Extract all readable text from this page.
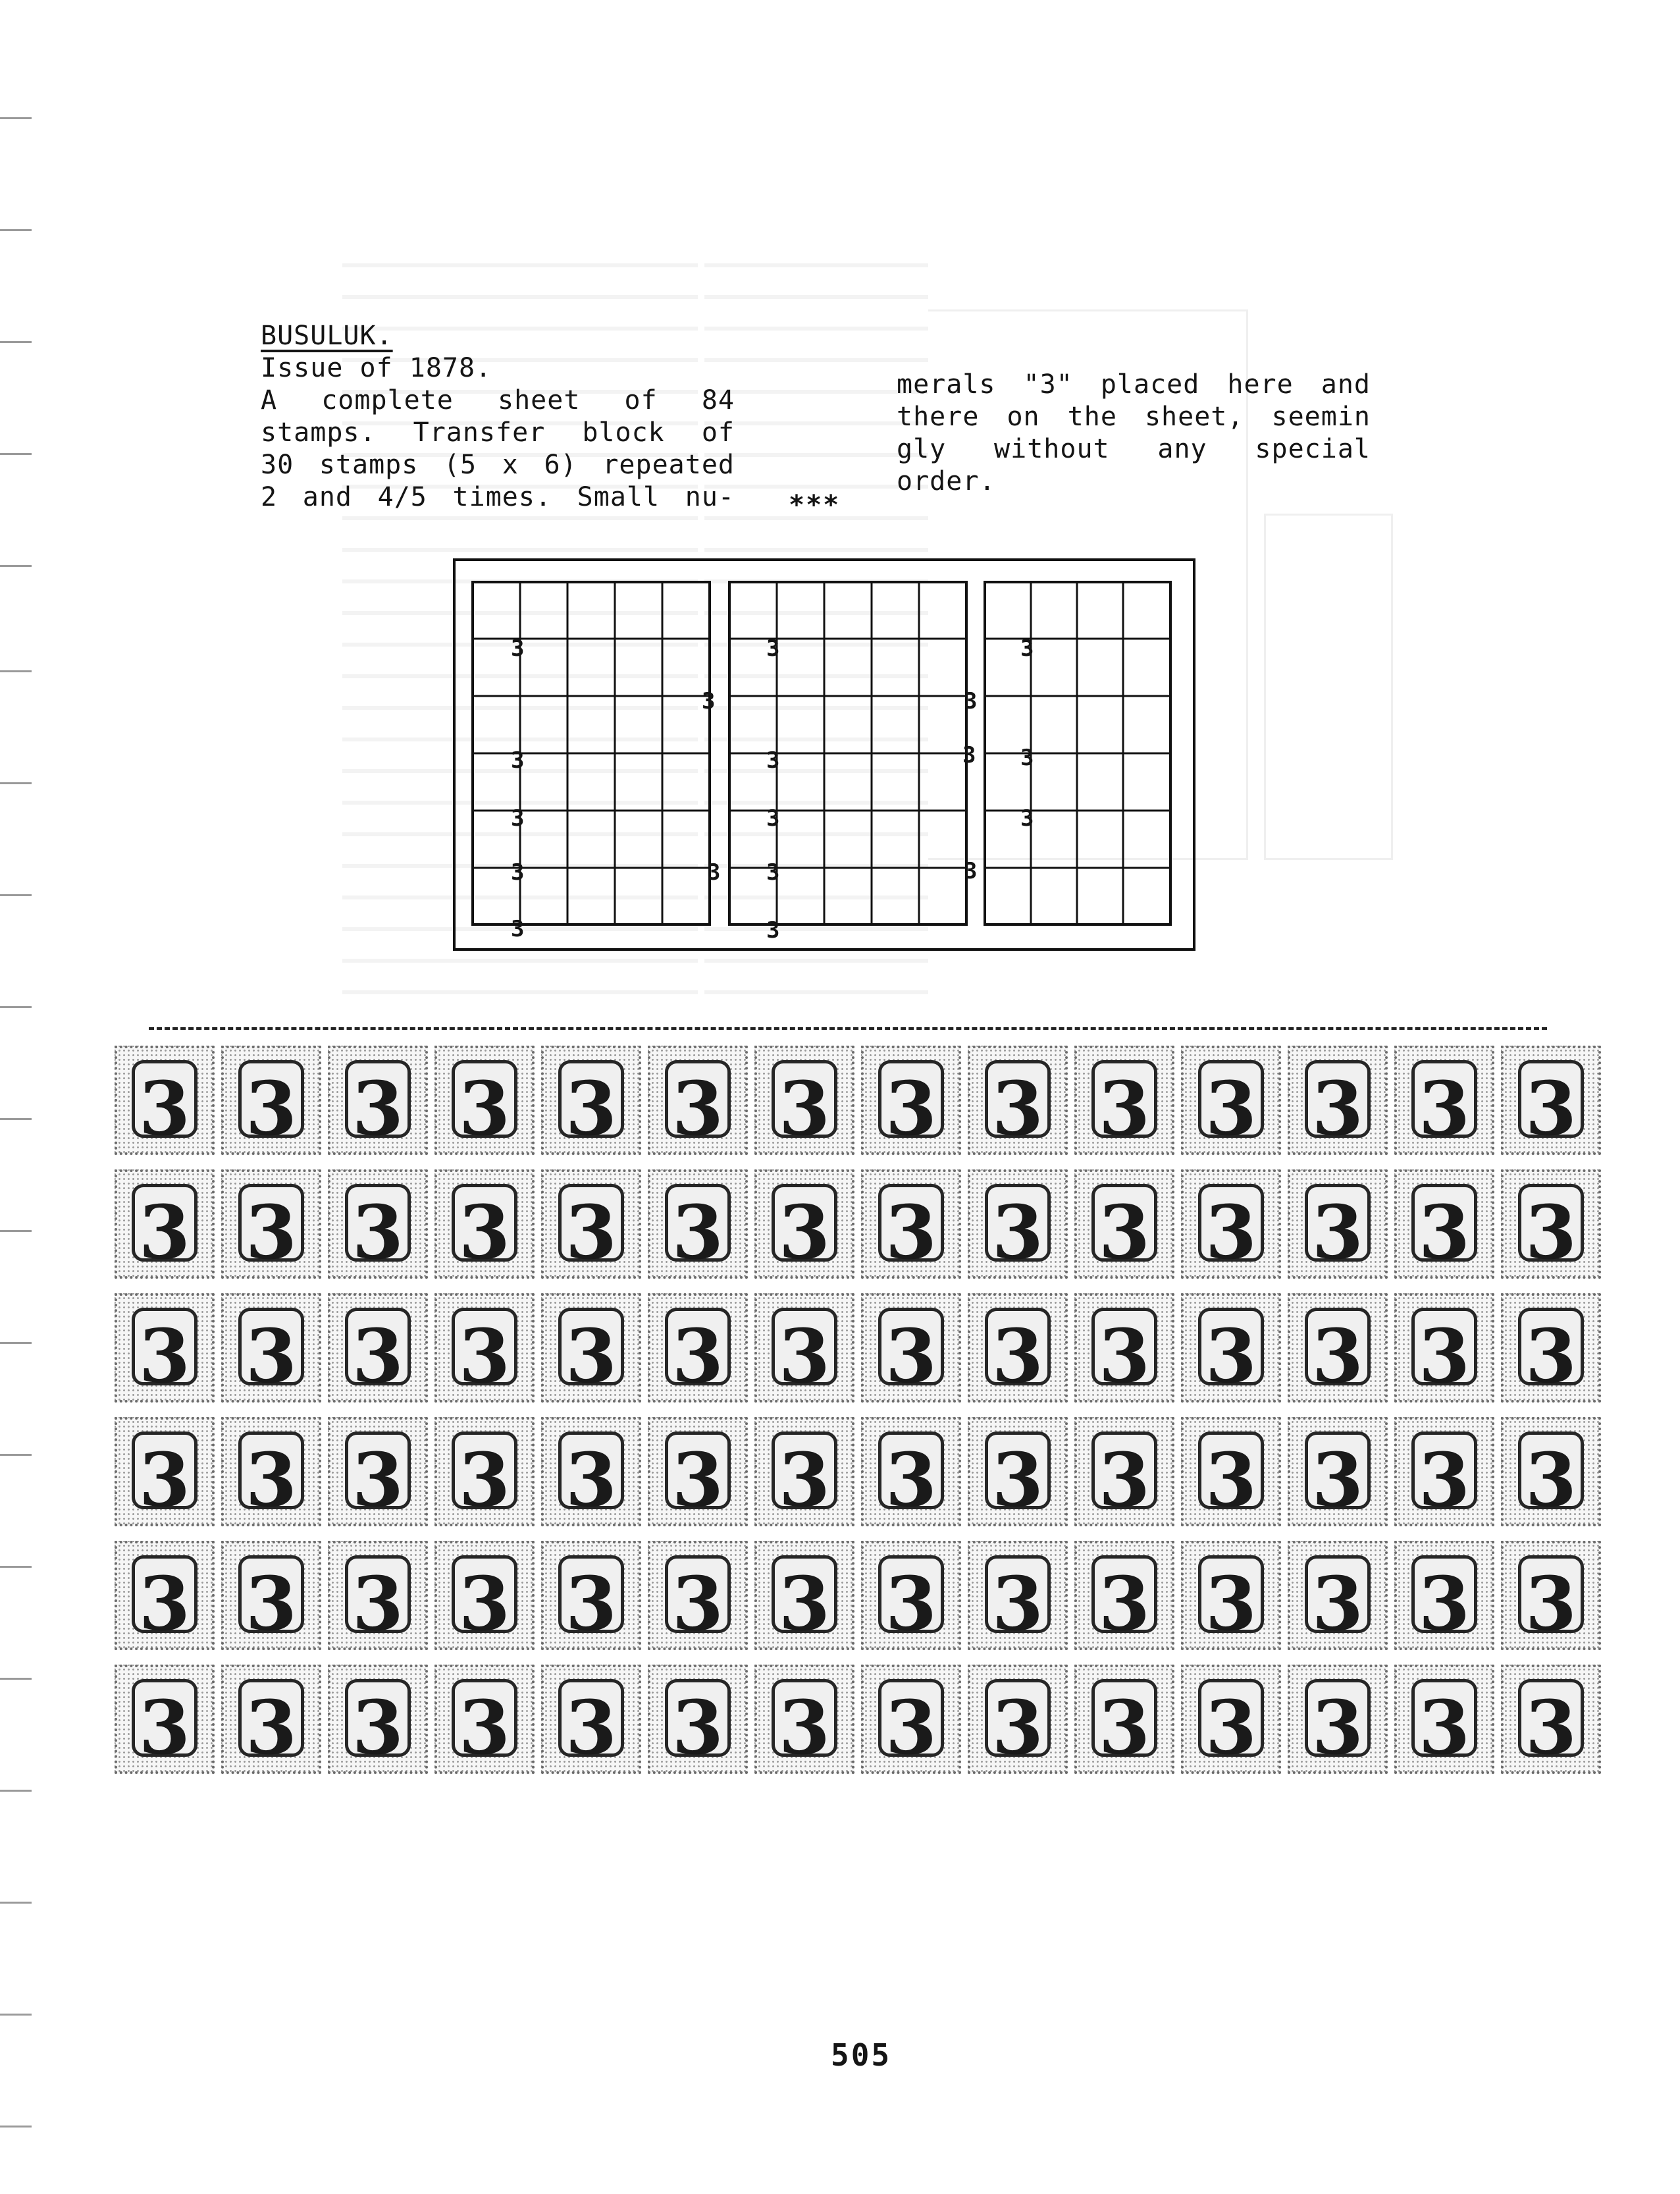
BUSULUK.
Issue of 1878.
A complete sheet of 84
stamps. Transfer block of
30 stamps (5 x 6) repeated
2 and 4/5 times. Small nu-
merals "3" placed here and
there on the sheet, seemin
gly without any special
order.
***
3
3
3
3
3	3
3
3
3
3
3
3
3
3
3
3
3
3
3 3 3 3 3 3 3 3 3 3 3 3 3 3
3 3 3 3 3 3 3 3 3 3 3 3 3 3
3 3 3 3 3 3 3 3 3 3 3 3 3 3
3 3 3 3 3 3 3 3 3 3 3 3 3 3
3 3 3 3 3 3 3 3 3 3 3 3 3 3
3 3 3 3 3 3 3 3 3 3 3 3 3 3
505
